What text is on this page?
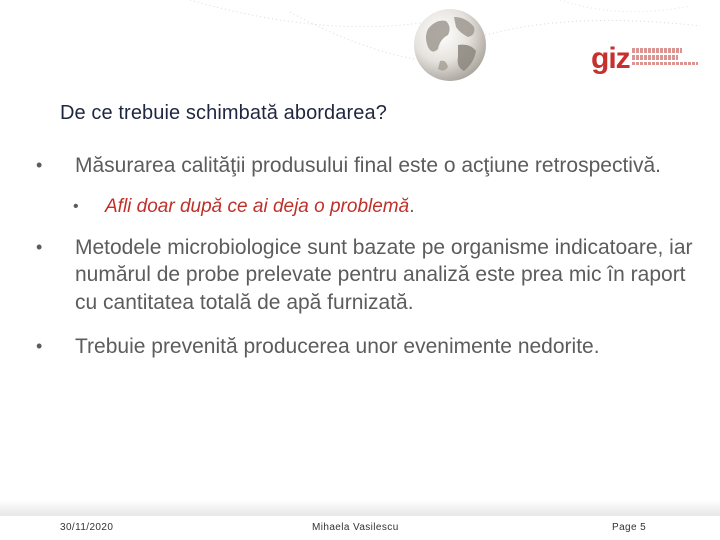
giz
De ce trebuie schimbată abordarea?
•	Măsurarea calităţii produsului final este o acţiune retrospectivă.
• Afli doar după ce ai deja o problemă.
•	Metodele microbiologice sunt bazate pe organisme indicatoare, iar numărul de probe prelevate pentru analiză este prea mic în raport cu cantitatea totală de apă furnizată.
•	Trebuie prevenită producerea unor evenimente nedorite.
30/11/2020	Mihaela Vasilescu	Page 5
